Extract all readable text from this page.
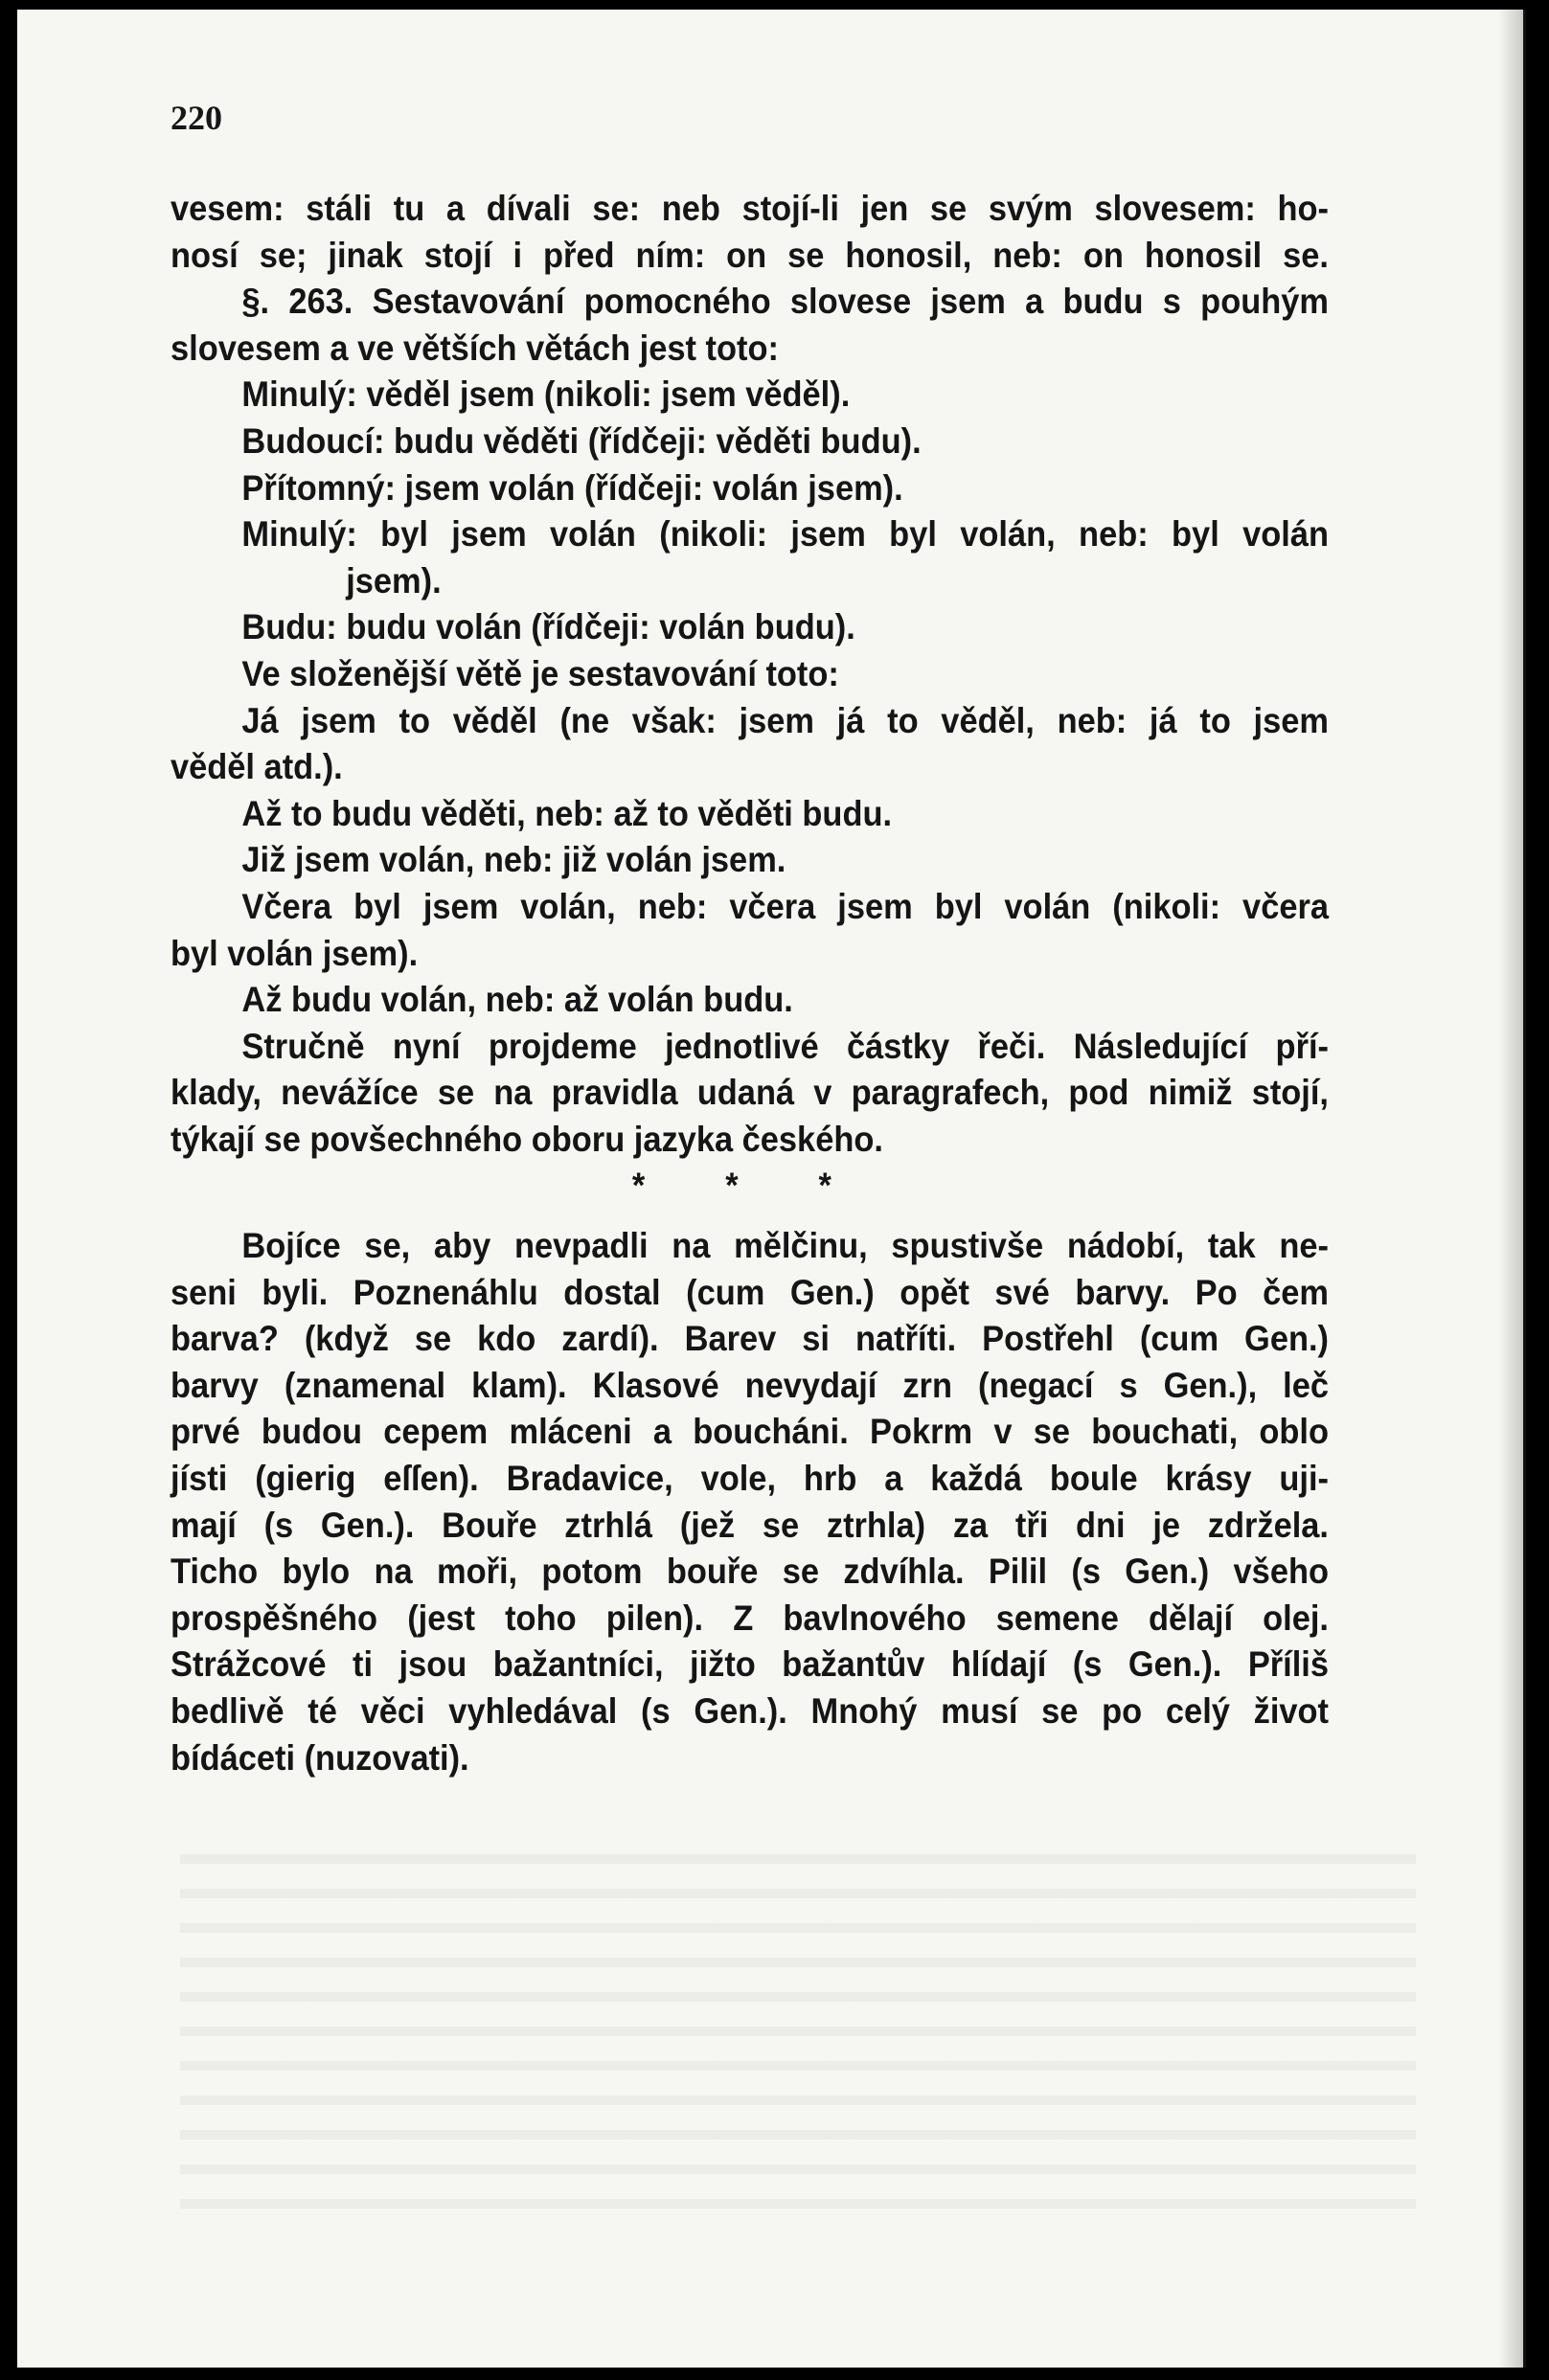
220
vesem: stáli tu a dívali se: neb stojí-li jen se svým slovesem: ho-
nosí se; jinak stojí i před ním: on se honosil, neb: on honosil se.
§. 263. Sestavování pomocného slovese jsem a budu s pouhým
slovesem a ve větších větách jest toto:
Minulý: věděl jsem (nikoli: jsem věděl).
Budoucí: budu věděti (řídčeji: věděti budu).
Přítomný: jsem volán (řídčeji: volán jsem).
Minulý: byl jsem volán (nikoli: jsem byl volán, neb: byl volán
jsem).
Budu: budu volán (řídčeji: volán budu).
Ve složenější větě je sestavování toto:
Já jsem to věděl (ne však: jsem já to věděl, neb: já to jsem
věděl atd.).
Až to budu věděti, neb: až to věděti budu.
Již jsem volán, neb: již volán jsem.
Včera byl jsem volán, neb: včera jsem byl volán (nikoli: včera
byl volán jsem).
Až budu volán, neb: až volán budu.
Stručně nyní projdeme jednotlivé částky řeči. Následující pří-
klady, nevážíce se na pravidla udaná v paragrafech, pod nimiž stojí,
týkají se povšechného oboru jazyka českého.
* * *
Bojíce se, aby nevpadli na mělčinu, spustivše nádobí, tak ne-
seni byli. Poznenáhlu dostal (cum Gen.) opět své barvy. Po čem
barva? (když se kdo zardí). Barev si natříti. Postřehl (cum Gen.)
barvy (znamenal klam). Klasové nevydají zrn (negací s Gen.), leč
prvé budou cepem mláceni a boucháni. Pokrm v se bouchati, oblo
jísti (gierig eſſen). Bradavice, vole, hrb a každá boule krásy uji-
mají (s Gen.). Bouře ztrhlá (jež se ztrhla) za tři dni je zdržela.
Ticho bylo na moři, potom bouře se zdvíhla. Pilil (s Gen.) všeho
prospěšného (jest toho pilen). Z bavlnového semene dělají olej.
Strážcové ti jsou bažantníci, jižto bažantův hlídají (s Gen.). Příliš
bedlivě té věci vyhledával (s Gen.). Mnohý musí se po celý život
bídáceti (nuzovati).
